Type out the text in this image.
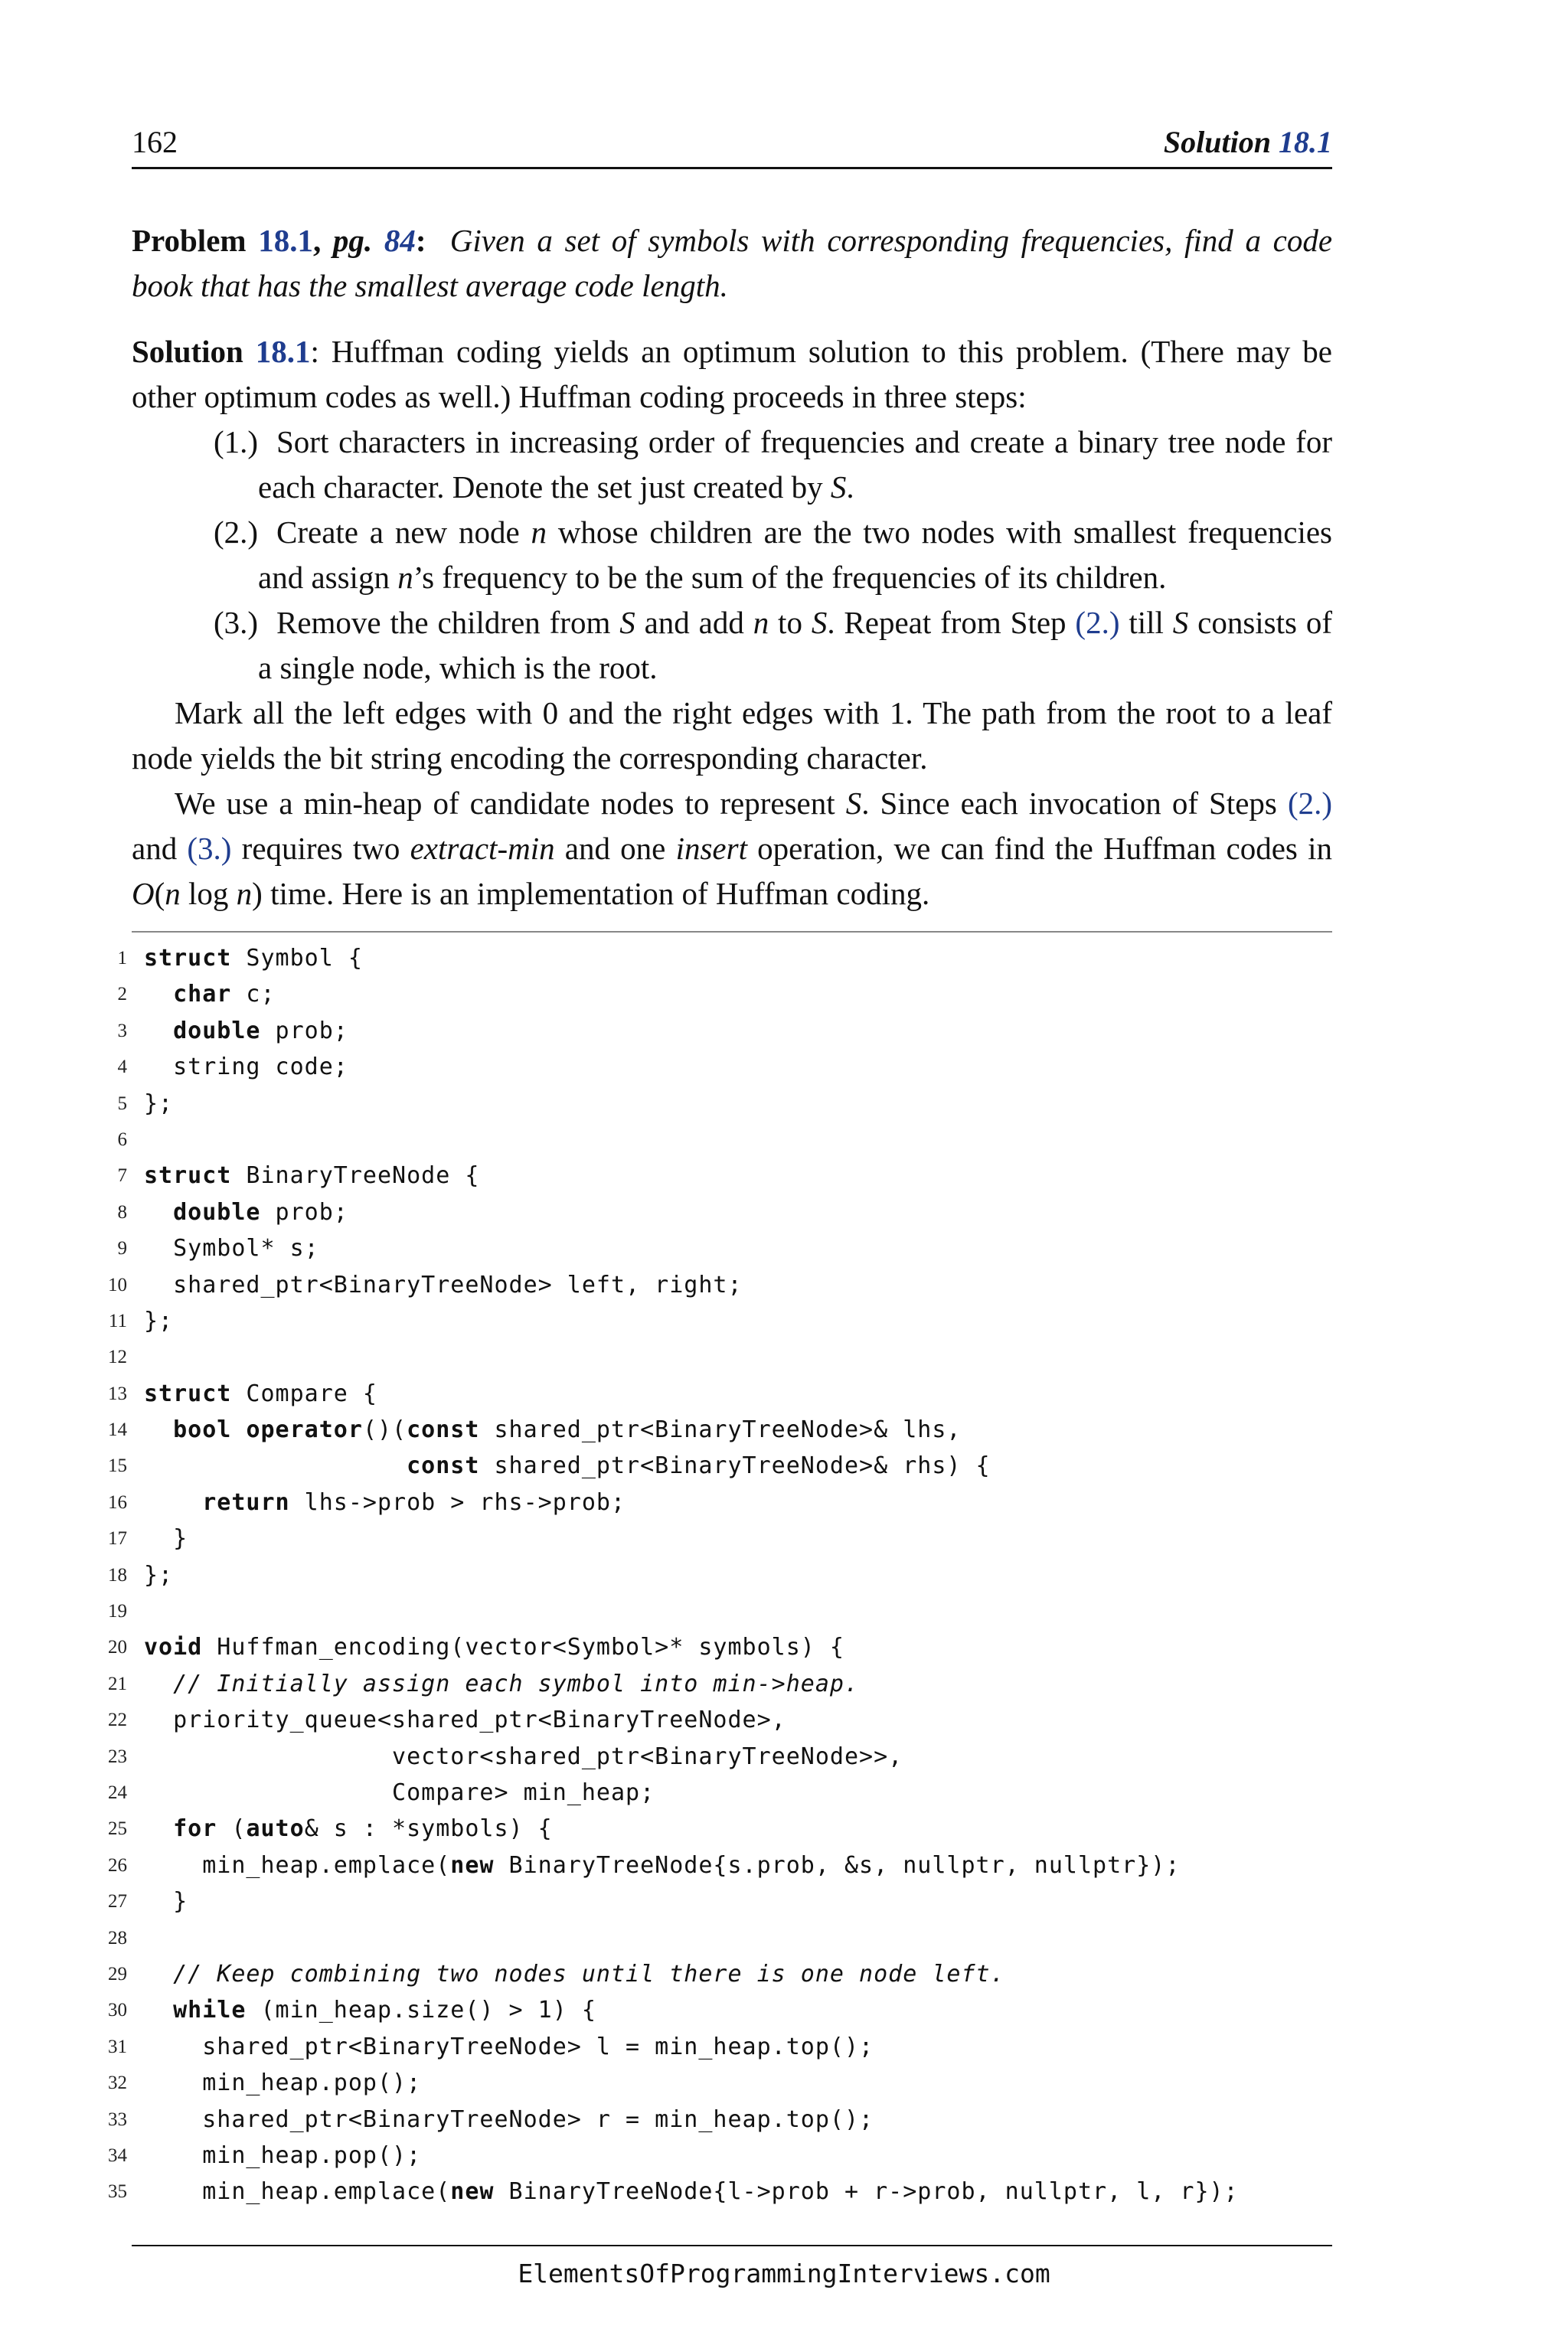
162	Solution 18.1
Problem 18.1, pg. 84: Given a set of symbols with corresponding frequencies, find a code book that has the smallest average code length.

Solution 18.1: Huffman coding yields an optimum solution to this problem. (There may be other optimum codes as well.) Huffman coding proceeds in three steps:

(1.) Sort characters in increasing order of frequencies and create a binary tree node for each character. Denote the set just created by S.
(2.) Create a new node n whose children are the two nodes with smallest frequencies and assign n’s frequency to be the sum of the frequencies of its children.
(3.) Remove the children from S and add n to S. Repeat from Step (2.) till S consists of a single node, which is the root.

Mark all the left edges with 0 and the right edges with 1. The path from the root to a leaf node yields the bit string encoding the corresponding character.

We use a min-heap of candidate nodes to represent S. Since each invocation of Steps (2.) and (3.) requires two extract-min and one insert operation, we can find the Huffman codes in O(n log n) time. Here is an implementation of Huffman coding.

1 struct Symbol {
2	char c;
3	double prob;
4 string code;
5 };
6
7 struct BinaryTreeNode {
8	double prob;
9 Symbol* s;
10 shared_ptr<BinaryTreeNode> left, right;
11 };
12
13 struct Compare {
14	bool operator()(const shared_ptr<BinaryTreeNode>& lhs,
15	const shared_ptr<BinaryTreeNode>& rhs) {
16	return lhs->prob > rhs->prob;
17 }
18 };
19
20 void Huffman_encoding(vector<Symbol>* symbols) {
21	// Initially assign each symbol into min->heap.
22 priority_queue<shared_ptr<BinaryTreeNode>,
23 vector<shared_ptr<BinaryTreeNode>>,
24 Compare> min_heap;
25	for (auto& s : *symbols) {
26 min_heap.emplace(new BinaryTreeNode{s.prob, &s, nullptr, nullptr});
27 }
28
29	// Keep combining two nodes until there is one node left.
30	while (min_heap.size() > 1) {
31 shared_ptr<BinaryTreeNode> l = min_heap.top();
32 min_heap.pop();
33 shared_ptr<BinaryTreeNode> r = min_heap.top();
34 min_heap.pop();
35 min_heap.emplace(new BinaryTreeNode{l->prob + r->prob, nullptr, l, r});
ElementsOfProgrammingInterviews.com
